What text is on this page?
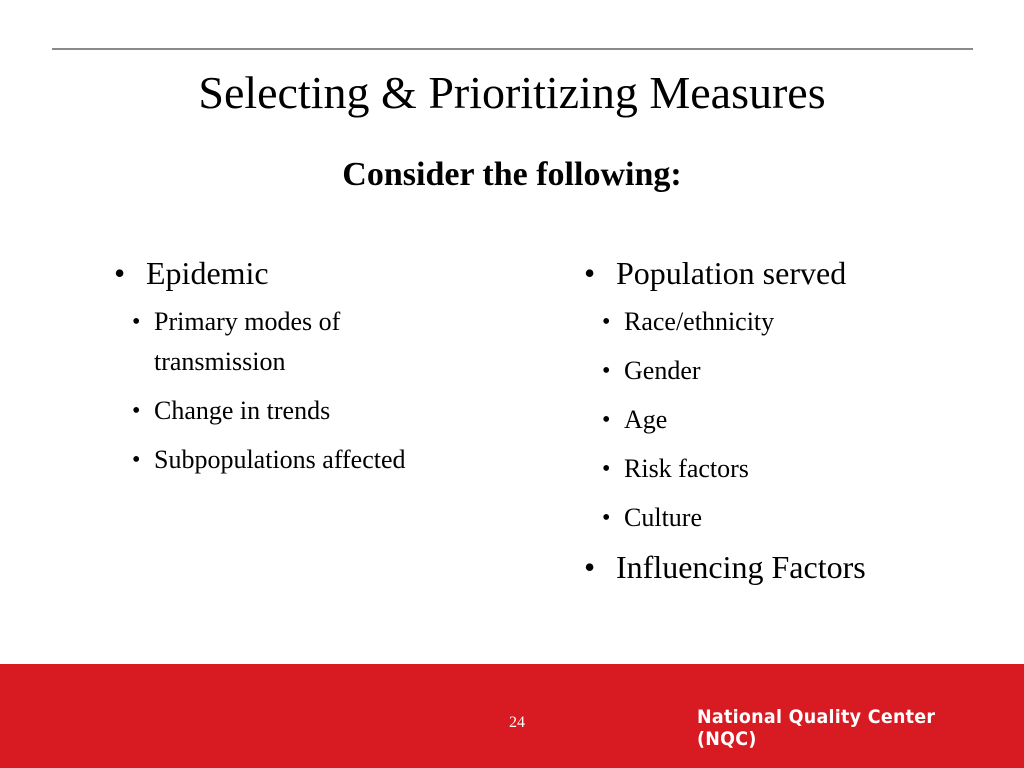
Selecting & Prioritizing Measures
Consider the following:
• Epidemic
• Primary modes of transmission
• Change in trends
• Subpopulations affected
• Population served
• Race/ethnicity
• Gender
• Age
• Risk factors
• Culture
• Influencing Factors
24	National Quality Center (NQC)
